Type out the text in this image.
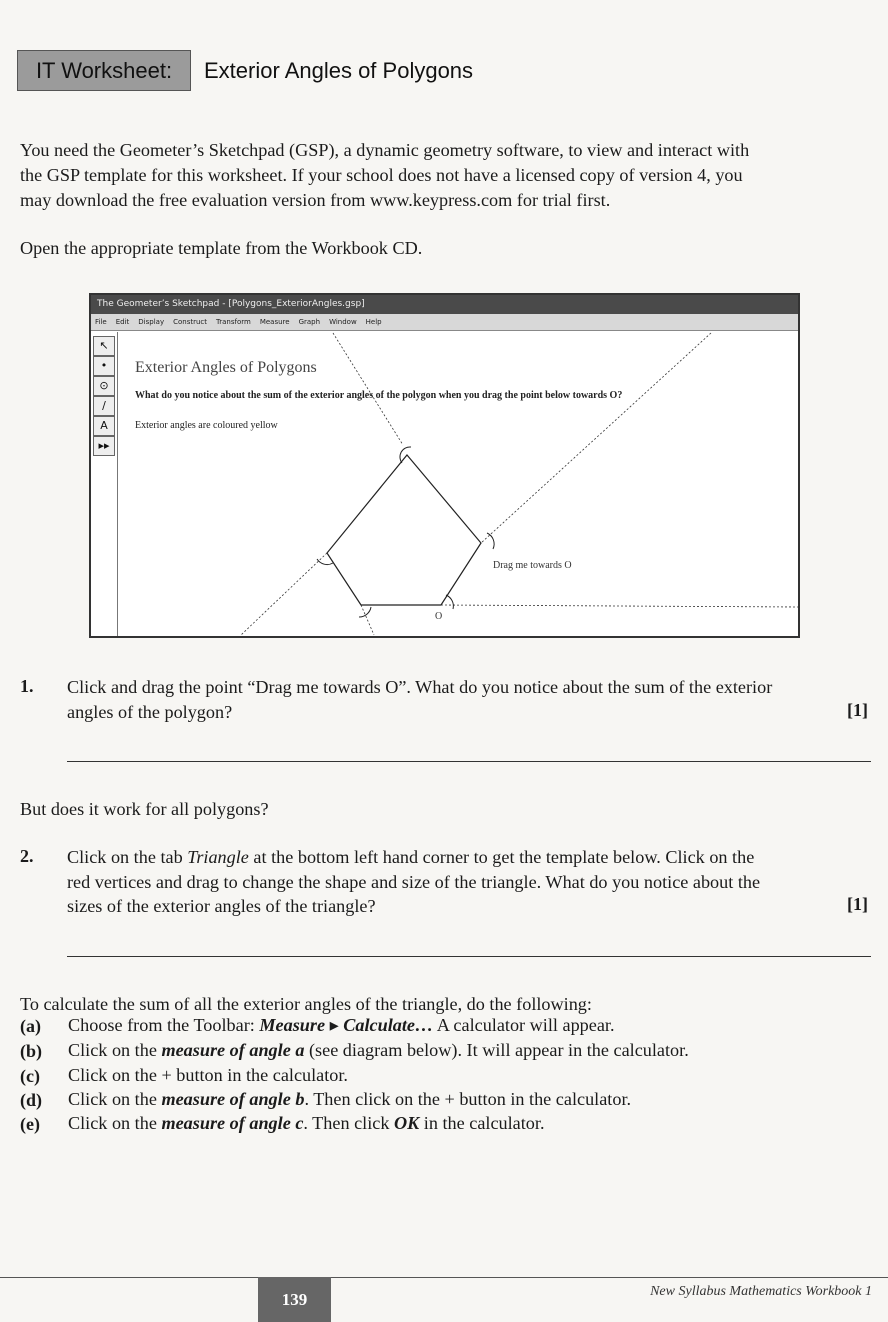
IT Worksheet:	Exterior Angles of Polygons
You need the Geometer’s Sketchpad (GSP), a dynamic geometry software, to view and interact with
the GSP template for this worksheet. If your school does not have a licensed copy of version 4, you
may download the free evaluation version from www.keypress.com for trial first.
Open the appropriate template from the Workbook CD.
The Geometer’s Sketchpad - [Polygons_ExteriorAngles.gsp]
File Edit Display Construct Transform Measure Graph Window Help
↖
•
⊙
∕
A
▸▸
Exterior Angles of Polygons
What do you notice about the sum of the exterior angles of the polygon when you drag the point below towards O?
Exterior angles are coloured yellow
Drag me towards O
O
1. Click and drag the point “Drag me towards O”. What do you notice about the sum of the exterior
angles of the polygon?	[1]
But does it work for all polygons?
2. Click on the tab Triangle at the bottom left hand corner to get the template below. Click on the
red vertices and drag to change the shape and size of the triangle. What do you notice about the
sizes of the exterior angles of the triangle?	[1]
To calculate the sum of all the exterior angles of the triangle, do the following:
(a) Choose from the Toolbar: Measure ▸ Calculate… A calculator will appear.
(b) Click on the measure of angle a (see diagram below). It will appear in the calculator.
(c) Click on the + button in the calculator.
(d) Click on the measure of angle b. Then click on the + button in the calculator.
(e) Click on the measure of angle c. Then click OK in the calculator.
139	New Syllabus Mathematics Workbook 1
